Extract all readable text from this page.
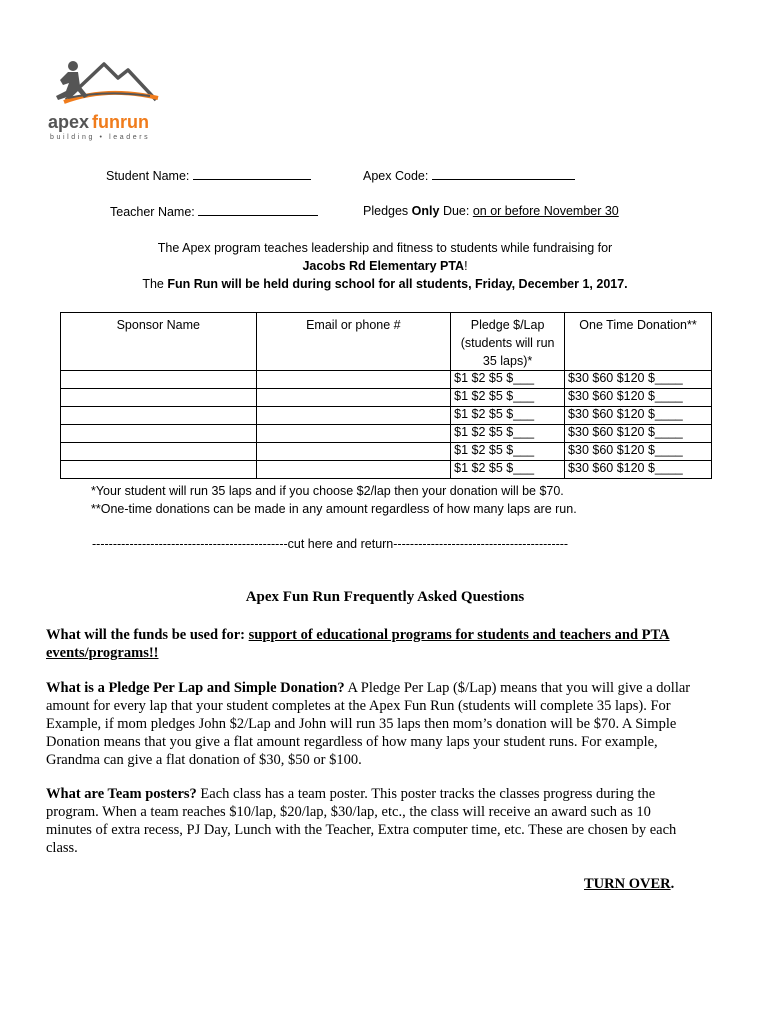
apex funrun
building • leaders
Student Name:	Apex Code:
Teacher Name:	Pledges Only Due: on or before November 30
The Apex program teaches leadership and fitness to students while fundraising for
Jacobs Rd Elementary PTA!
The Fun Run will be held during school for all students, Friday, December 1, 2017.
Sponsor Name	Email or phone #	Pledge $/Lap
(students will run
35 laps)*	One Time Donation**
		$1 $2 $5 $___	$30 $60 $120 $____
		$1 $2 $5 $___	$30 $60 $120 $____
		$1 $2 $5 $___	$30 $60 $120 $____
		$1 $2 $5 $___	$30 $60 $120 $____
		$1 $2 $5 $___	$30 $60 $120 $____
		$1 $2 $5 $___	$30 $60 $120 $____
*Your student will run 35 laps and if you choose $2/lap then your donation will be $70.
**One-time donations can be made in any amount regardless of how many laps are run.
-----------------------------------------------cut here and return------------------------------------------
Apex Fun Run Frequently Asked Questions
What will the funds be used for: support of educational programs for students and teachers and PTA events/programs!!
What is a Pledge Per Lap and Simple Donation? A Pledge Per Lap ($/Lap) means that you will give a dollar amount for every lap that your student completes at the Apex Fun Run (students will complete 35 laps). For Example, if mom pledges John $2/Lap and John will run 35 laps then mom’s donation will be $70. A Simple Donation means that you give a flat amount regardless of how many laps your student runs. For example, Grandma can give a flat donation of $30, $50 or $100.
What are Team posters? Each class has a team poster. This poster tracks the classes progress during the program. When a team reaches $10/lap, $20/lap, $30/lap, etc., the class will receive an award such as 10 minutes of extra recess, PJ Day, Lunch with the Teacher, Extra computer time, etc. These are chosen by each class.
TURN OVER.
